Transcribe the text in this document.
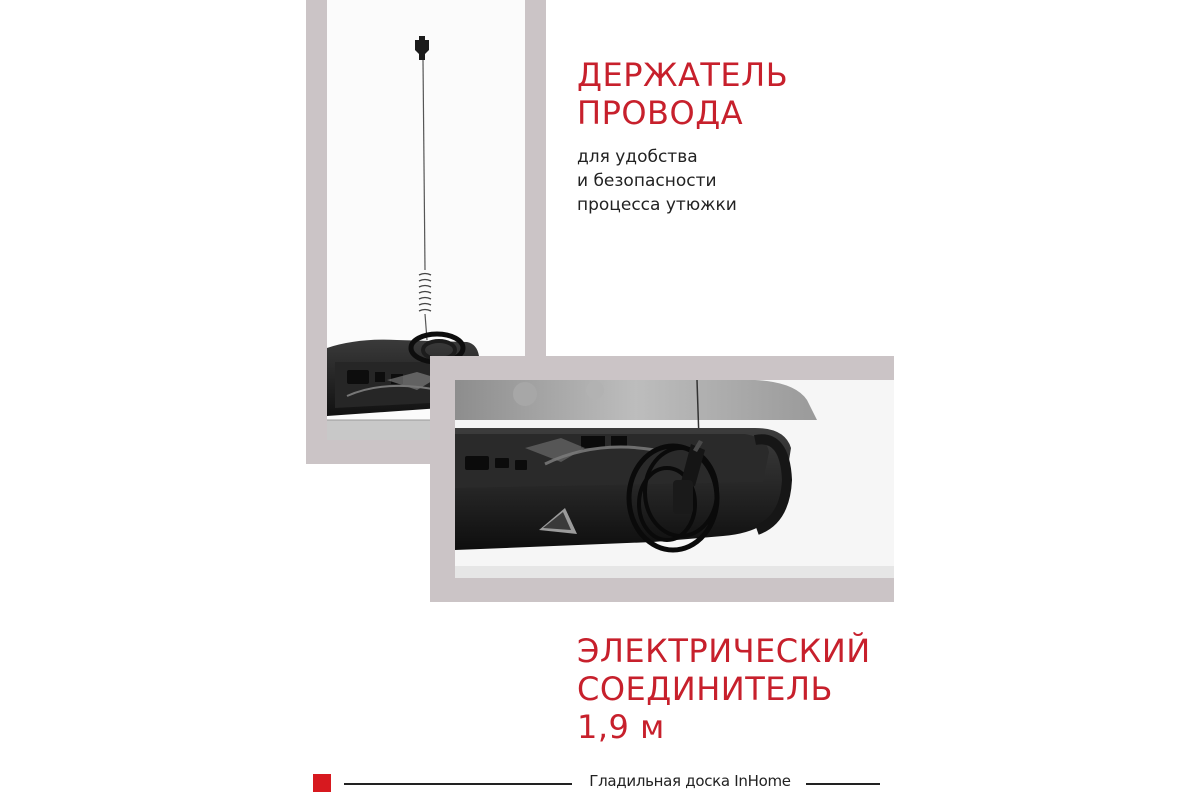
ДЕРЖАТЕЛЬ
ПРОВОДА

для удобства
и безопасности
процесса утюжки

ЭЛЕКТРИЧЕСКИЙ
СОЕДИНИТЕЛЬ
1,9 м
Гладильная доска InHome
